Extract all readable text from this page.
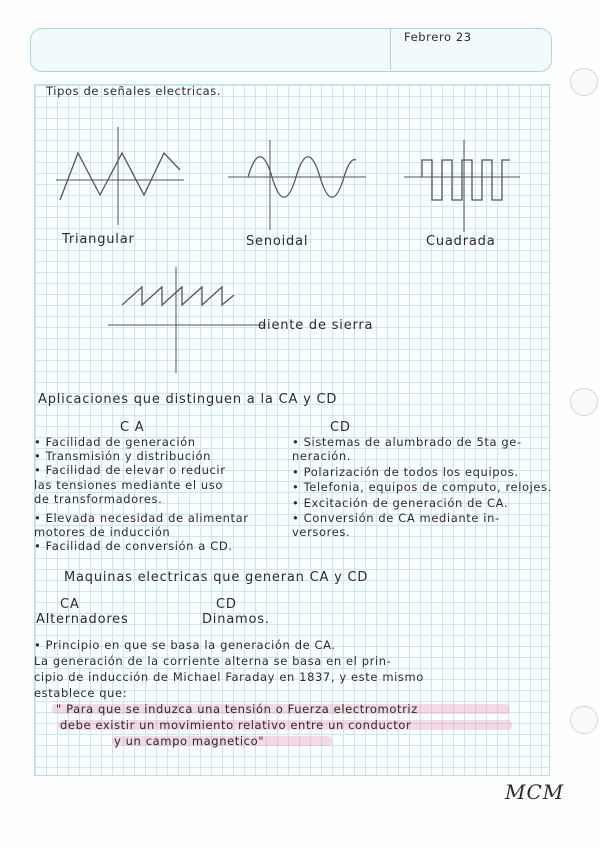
Febrero 23
Tipos de señales electricas.
Triangular	Senoidal	Cuadrada
diente de sierra
Aplicaciones que distinguen a la CA y CD
C A	CD
• Facilidad de generación
• Transmisión y distribución
• Facilidad de elevar o reducir
las tensiones mediante el uso
de transformadores.
• Elevada necesidad de alimentar
motores de inducción
• Facilidad de conversión a CD.
• Sistemas de alumbrado de 5ta ge-
neración.
• Polarización de todos los equipos.
• Telefonia, equipos de computo, relojes.
• Excitación de generación de CA.
• Conversión de CA mediante in-
versores.
Maquinas electricas que generan CA y CD
CA
Alternadores
CD
Dinamos.
• Principio en que se basa la generación de CA.
La generación de la corriente alterna se basa en el prin-
cipio de inducción de Michael Faraday en 1837, y este mismo
establece que:
" Para que se induzca una tensión o Fuerza electromotriz
debe existir un movimiento relativo entre un conductor
y un campo magnetico"
MCM
